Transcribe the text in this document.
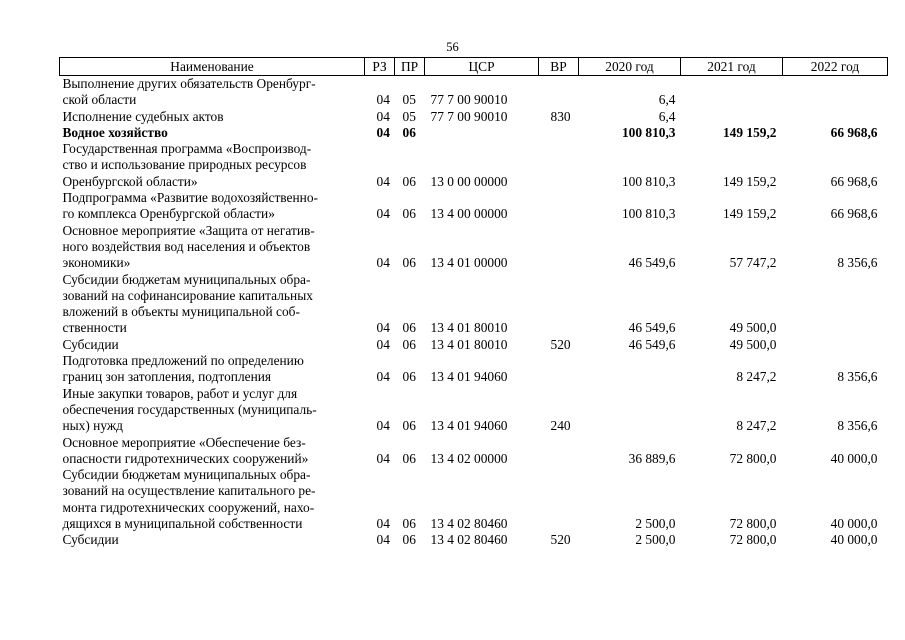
56
Наименование	РЗ	ПР	ЦСР	ВР	2020 год	2021 год	2022 год

Выполнение других обязательств Оренбург-
ской области	04	05	77 7 00 90010		6,4		

Исполнение судебных актов	04	05	77 7 00 90010	830	6,4		

Водное хозяйство	04	06			100 810,3	149 159,2	66 968,6

Государственная программа «Воспроизвод-
ство и использование природных ресурсов
Оренбургской области»	04	06	13 0 00 00000		100 810,3	149 159,2	66 968,6

Подпрограмма «Развитие водохозяйственно-
го комплекса Оренбургской области»	04	06	13 4 00 00000		100 810,3	149 159,2	66 968,6

Основное мероприятие «Защита от негатив-
ного воздействия вод населения и объектов
экономики»	04	06	13 4 01 00000		46 549,6	57 747,2	8 356,6

Субсидии бюджетам муниципальных обра-
зований на софинансирование капитальных
вложений в объекты муниципальной соб-
ственности	04	06	13 4 01 80010		46 549,6	49 500,0	

Субсидии	04	06	13 4 01 80010	520	46 549,6	49 500,0	

Подготовка предложений по определению
границ зон затопления, подтопления	04	06	13 4 01 94060			8 247,2	8 356,6

Иные закупки товаров, работ и услуг для
обеспечения государственных (муниципаль-
ных) нужд	04	06	13 4 01 94060	240		8 247,2	8 356,6

Основное мероприятие «Обеспечение без-
опасности гидротехнических сооружений»	04	06	13 4 02 00000		36 889,6	72 800,0	40 000,0

Субсидии бюджетам муниципальных обра-
зований на осуществление капитального ре-
монта гидротехнических сооружений, нахо-
дящихся в муниципальной собственности	04	06	13 4 02 80460		2 500,0	72 800,0	40 000,0

Субсидии	04	06	13 4 02 80460	520	2 500,0	72 800,0	40 000,0
